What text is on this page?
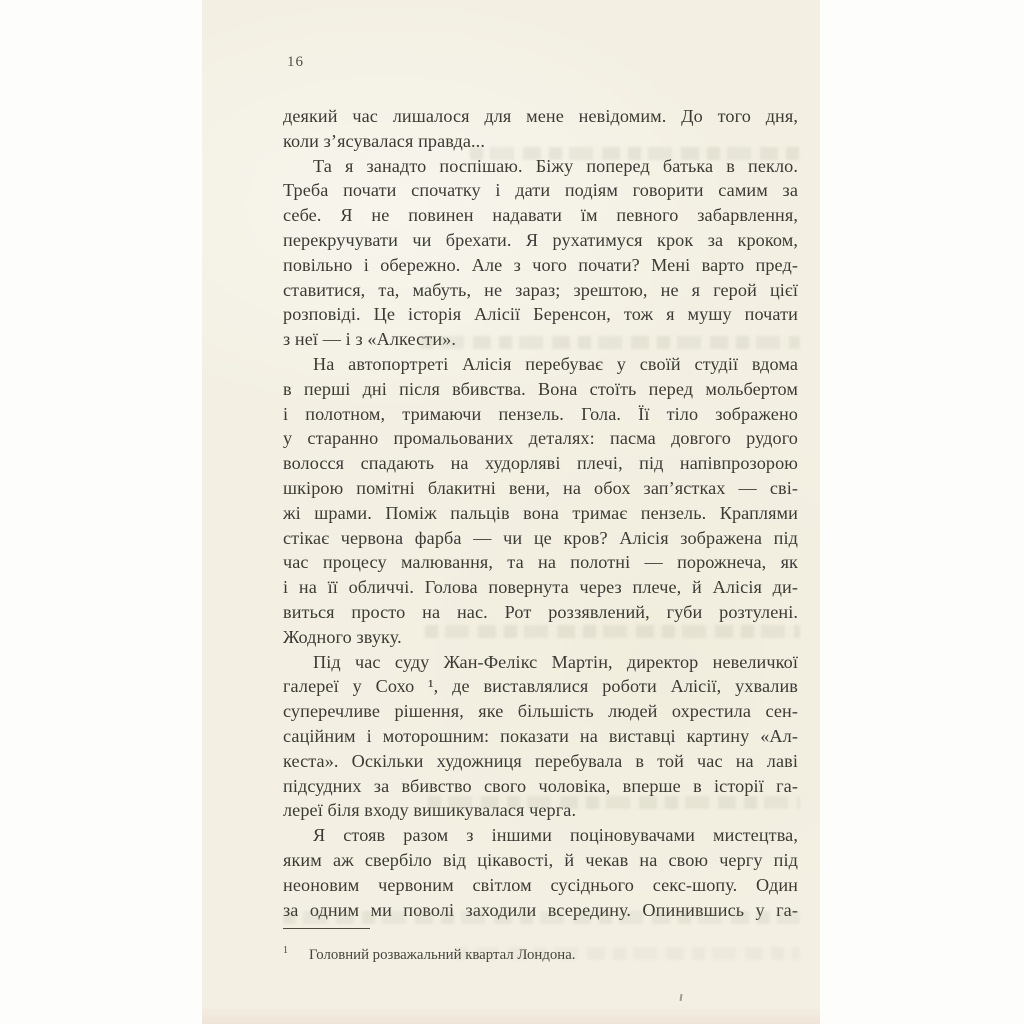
16
деякий час лишалося для мене невідомим. До того дня,
коли з’ясувалася правда...
Та я занадто поспішаю. Біжу поперед батька в пекло.
Треба почати спочатку і дати подіям говорити самим за
себе. Я не повинен надавати їм певного забарвлення,
перекручувати чи брехати. Я рухатимуся крок за кроком,
повільно і обережно. Але з чого почати? Мені варто пред-
ставитися, та, мабуть, не зараз; зрештою, не я герой цієї
розповіді. Це історія Алісії Беренсон, тож я мушу почати
з неї — і з «Алкести».
На автопортреті Алісія перебуває у своїй студії вдома
в перші дні після вбивства. Вона стоїть перед мольбертом
і полотном, тримаючи пензель. Гола. Її тіло зображено
у старанно промальованих деталях: пасма довгого рудого
волосся спадають на худорляві плечі, під напівпрозорою
шкірою помітні блакитні вени, на обох зап’ястках — сві-
жі шрами. Поміж пальців вона тримає пензель. Краплями
стікає червона фарба — чи це кров? Алісія зображена під
час процесу малювання, та на полотні — порожнеча, як
і на її обличчі. Голова повернута через плече, й Алісія ди-
виться просто на нас. Рот роззявлений, губи розтулені.
Жодного звуку.
Під час суду Жан-Фелікс Мартін, директор невеличкої
галереї у Сохо ¹, де виставлялися роботи Алісії, ухвалив
суперечливе рішення, яке більшість людей охрестила сен-
саційним і моторошним: показати на виставці картину «Ал-
кеста». Оскільки художниця перебувала в той час на лаві
підсудних за вбивство свого чоловіка, вперше в історії га-
лереї біля входу вишикувалася черга.
Я стояв разом з іншими поціновувачами мистецтва,
яким аж свербіло від цікавості, й чекав на свою чергу під
неоновим червоним світлом сусіднього секс-шопу. Один
за одним ми поволі заходили всередину. Опинившись у га-
1 Головний розважальний квартал Лондона.
